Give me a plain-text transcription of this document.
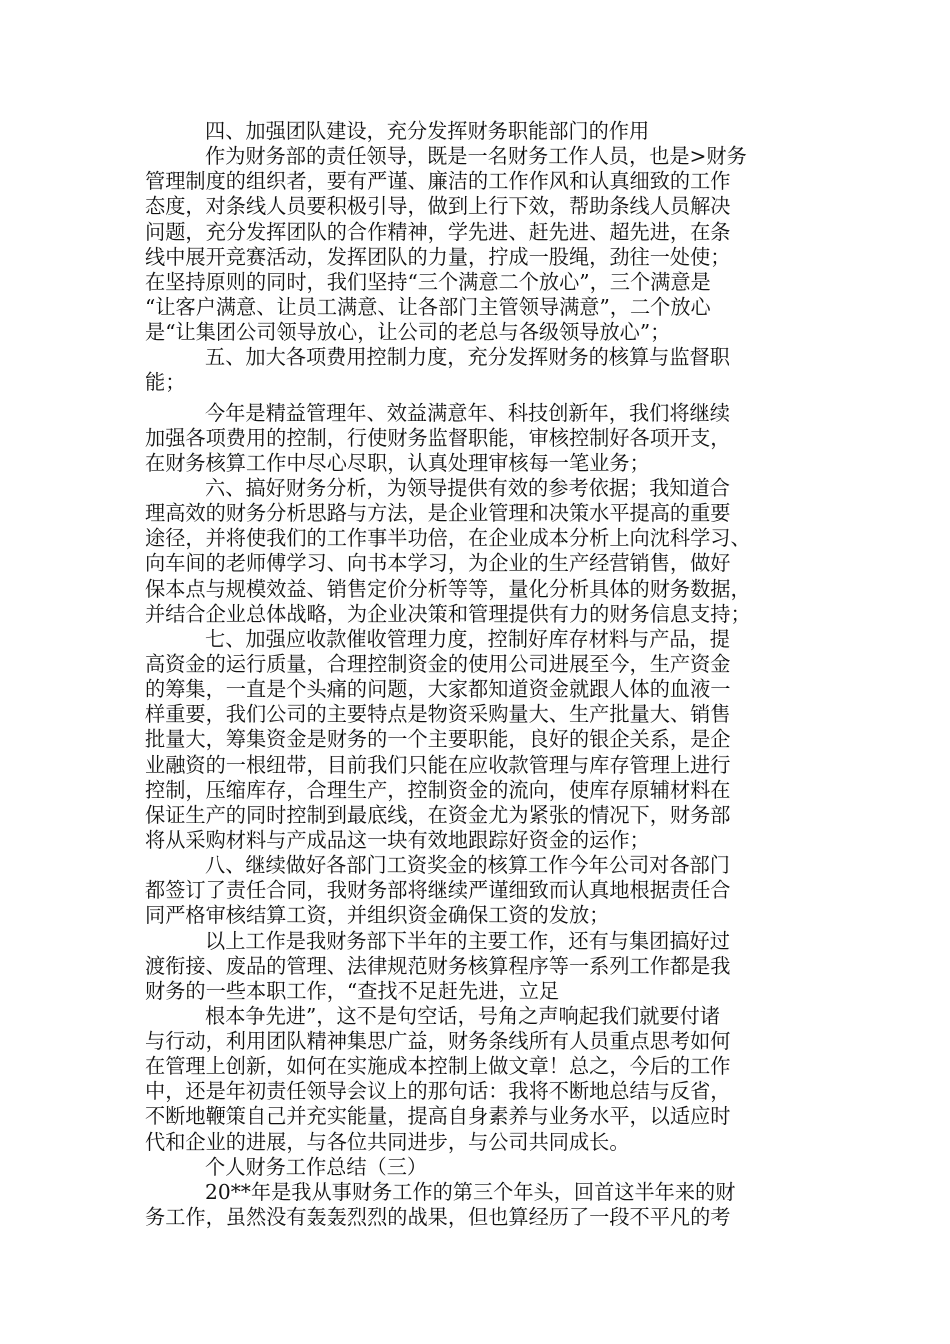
四、加强团队建设，充分发挥财务职能部门的作用

作为财务部的责任领导，既是一名财务工作人员，也是>财务

管理制度的组织者，要有严谨、廉洁的工作作风和认真细致的工作

态度，对条线人员要积极引导，做到上行下效，帮助条线人员解决

问题，充分发挥团队的合作精神，学先进、赶先进、超先进，在条

线中展开竞赛活动，发挥团队的力量，拧成一股绳，劲往一处使；

在坚持原则的同时，我们坚持“三个满意二个放心”，三个满意是

“让客户满意、让员工满意、让各部门主管领导满意”，二个放心

是“让集团公司领导放心，让公司的老总与各级领导放心”；

五、加大各项费用控制力度，充分发挥财务的核算与监督职

能；

今年是精益管理年、效益满意年、科技创新年，我们将继续

加强各项费用的控制，行使财务监督职能，审核控制好各项开支，

在财务核算工作中尽心尽职，认真处理审核每一笔业务；

六、搞好财务分析，为领导提供有效的参考依据；我知道合

理高效的财务分析思路与方法，是企业管理和决策水平提高的重要

途径，并将使我们的工作事半功倍，在企业成本分析上向沈科学习、

向车间的老师傅学习、向书本学习，为企业的生产经营销售，做好

保本点与规模效益、销售定价分析等等，量化分析具体的财务数据，

并结合企业总体战略，为企业决策和管理提供有力的财务信息支持；

七、加强应收款催收管理力度，控制好库存材料与产品，提

高资金的运行质量，合理控制资金的使用公司进展至今，生产资金

的筹集，一直是个头痛的问题，大家都知道资金就跟人体的血液一

样重要，我们公司的主要特点是物资采购量大、生产批量大、销售

批量大，筹集资金是财务的一个主要职能，良好的银企关系，是企

业融资的一根纽带，目前我们只能在应收款管理与库存管理上进行

控制，压缩库存，合理生产，控制资金的流向，使库存原辅材料在

保证生产的同时控制到最底线，在资金尤为紧张的情况下，财务部

将从采购材料与产成品这一块有效地跟踪好资金的运作；

八、继续做好各部门工资奖金的核算工作今年公司对各部门

都签订了责任合同，我财务部将继续严谨细致而认真地根据责任合

同严格审核结算工资，并组织资金确保工资的发放；

以上工作是我财务部下半年的主要工作，还有与集团搞好过

渡衔接、废品的管理、法律规范财务核算程序等一系列工作都是我

财务的一些本职工作，“查找不足赶先进，立足

根本争先进”，这不是句空话，号角之声响起我们就要付诸

与行动，利用团队精神集思广益，财务条线所有人员重点思考如何

在管理上创新，如何在实施成本控制上做文章！总之，今后的工作

中，还是年初责任领导会议上的那句话：我将不断地总结与反省，

不断地鞭策自己并充实能量，提高自身素养与业务水平，以适应时

代和企业的进展，与各位共同进步，与公司共同成长。

个人财务工作总结（三）

20**年是我从事财务工作的第三个年头，回首这半年来的财

务工作，虽然没有轰轰烈烈的战果，但也算经历了一段不平凡的考
